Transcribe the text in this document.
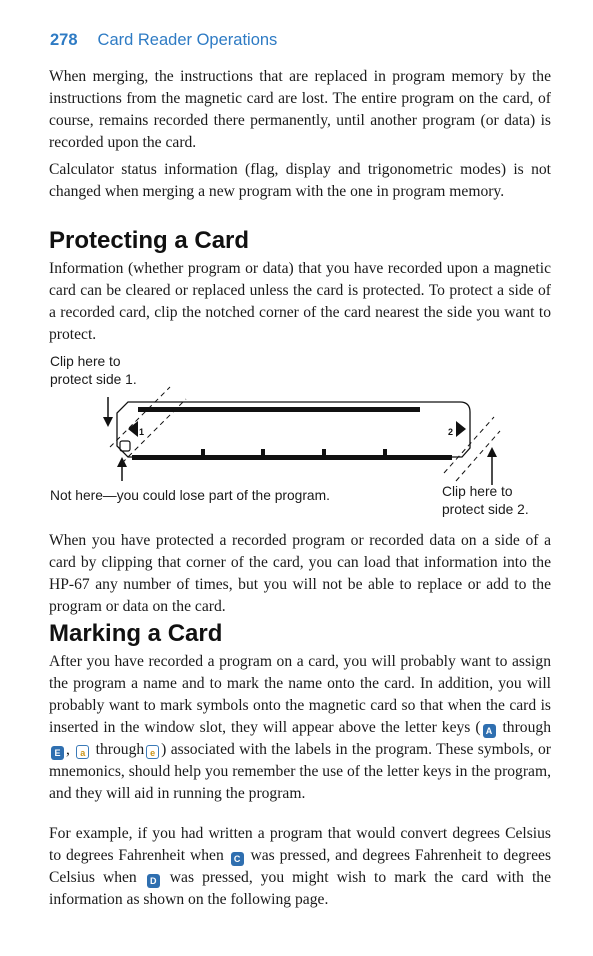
278 Card Reader Operations

When merging, the instructions that are replaced in program memory by the instructions from the magnetic card are lost. The entire program on the card, of course, remains recorded there permanently, until another program (or data) is recorded upon the card.

Calculator status information (flag, display and trigonometric modes) is not changed when merging a new program with the one in program memory.

Protecting a Card

Information (whether program or data) that you have recorded upon a magnetic card can be cleared or replaced unless the card is protected. To protect a side of a recorded card, clip the notched corner of the card nearest the side you want to protect.

Clip here to
protect side 1.
1	2
Not here—you could lose part of the program.	Clip here to
protect side 2.

When you have protected a recorded program or recorded data on a side of a card by clipping that corner of the card, you can load that information into the HP-67 any number of times, but you will not be able to replace or add to the program or data on the card.

Marking a Card

After you have recorded a program on a card, you will probably want to assign the program a name and to mark the name onto the card. In addition, you will probably want to mark symbols onto the magnetic card so that when the card is inserted in the window slot, they will appear above the letter keys ( A throughE , a through e ) associated with the labels in the program. These symbols, or mnemonics, should help you remember the use of the letter keys in the program, and they will aid in running the program.

For example, if you had written a program that would convert degrees Celsius to degrees Fahrenheit when C was pressed, and degrees Fahrenheit to degrees Celsius when D was pressed, you might wish to mark the card with the information as shown on the following page.
